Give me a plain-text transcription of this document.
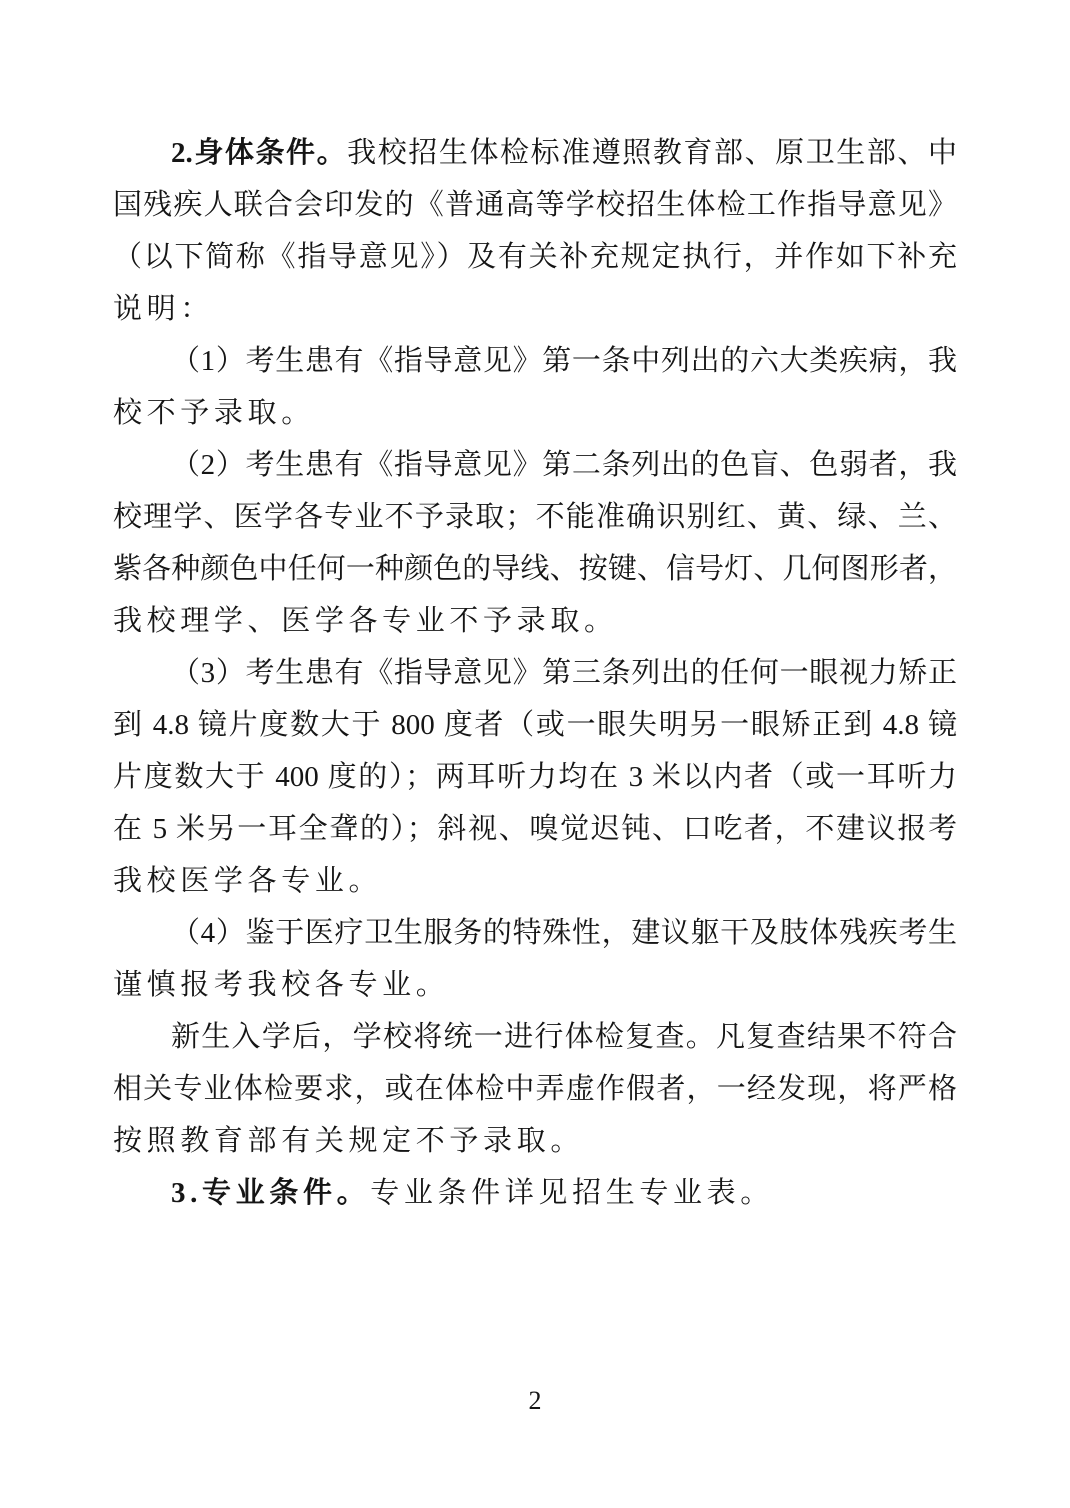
2.身体条件。我校招生体检标准遵照教育部、原卫生部、中
国残疾人联合会印发的《普通高等学校招生体检工作指导意见》
（以下简称《指导意见》）及有关补充规定执行，并作如下补充
说明：
（1）考生患有《指导意见》第一条中列出的六大类疾病，我
校不予录取。
（2）考生患有《指导意见》第二条列出的色盲、色弱者，我
校理学、医学各专业不予录取；不能准确识别红、黄、绿、兰、
紫各种颜色中任何一种颜色的导线、按键、信号灯、几何图形者，
我校理学、医学各专业不予录取。
（3）考生患有《指导意见》第三条列出的任何一眼视力矫正
到 4.8 镜片度数大于 800 度者（或一眼失明另一眼矫正到 4.8 镜
片度数大于 400 度的）；两耳听力均在 3 米以内者（或一耳听力
在 5 米另一耳全聋的）；斜视、嗅觉迟钝、口吃者，不建议报考
我校医学各专业。
（4）鉴于医疗卫生服务的特殊性，建议躯干及肢体残疾考生
谨慎报考我校各专业。
新生入学后，学校将统一进行体检复查。凡复查结果不符合
相关专业体检要求，或在体检中弄虚作假者，一经发现，将严格
按照教育部有关规定不予录取。
3.专业条件。专业条件详见招生专业表。
2
